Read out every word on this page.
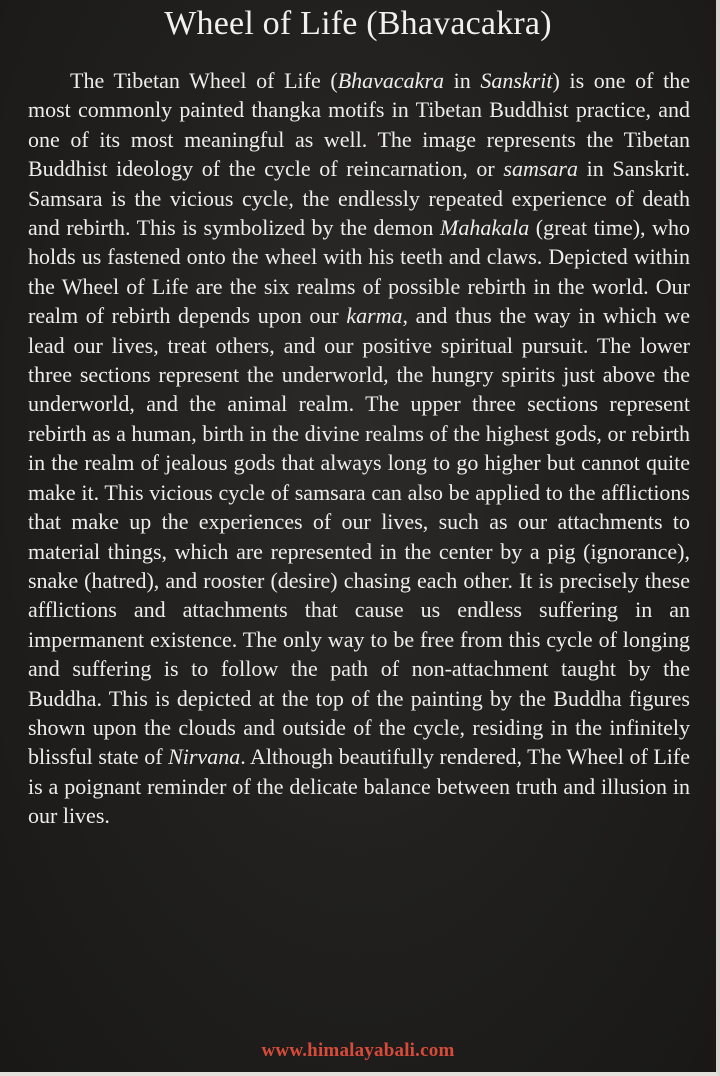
Wheel of Life (Bhavacakra)

The Tibetan Wheel of Life (Bhavacakra in Sanskrit) is one of the most commonly painted thangka motifs in Tibetan Buddhist practice, and one of its most meaningful as well. The image represents the Tibetan Buddhist ideology of the cycle of reincarnation, or samsara in Sanskrit. Samsara is the vicious cycle, the endlessly repeated experience of death and rebirth. This is symbolized by the demon Mahakala (great time), who holds us fastened onto the wheel with his teeth and claws. Depicted within the Wheel of Life are the six realms of possible rebirth in the world. Our realm of rebirth depends upon our karma, and thus the way in which we lead our lives, treat others, and our positive spiritual pursuit. The lower three sections represent the underworld, the hungry spirits just above the underworld, and the animal realm. The upper three sections represent rebirth as a human, birth in the divine realms of the highest gods, or rebirth in the realm of jealous gods that always long to go higher but cannot quite make it. This vicious cycle of samsara can also be applied to the afflictions that make up the experiences of our lives, such as our attachments to material things, which are represented in the center by a pig (ignorance), snake (hatred), and rooster (desire) chasing each other. It is precisely these afflictions and attachments that cause us endless suffering in an impermanent existence. The only way to be free from this cycle of longing and suffering is to follow the path of non-attachment taught by the Buddha. This is depicted at the top of the painting by the Buddha figures shown upon the clouds and outside of the cycle, residing in the infinitely blissful state of Nirvana. Although beautifully rendered, The Wheel of Life is a poignant reminder of the delicate balance between truth and illusion in our lives.

www.himalayabali.com
